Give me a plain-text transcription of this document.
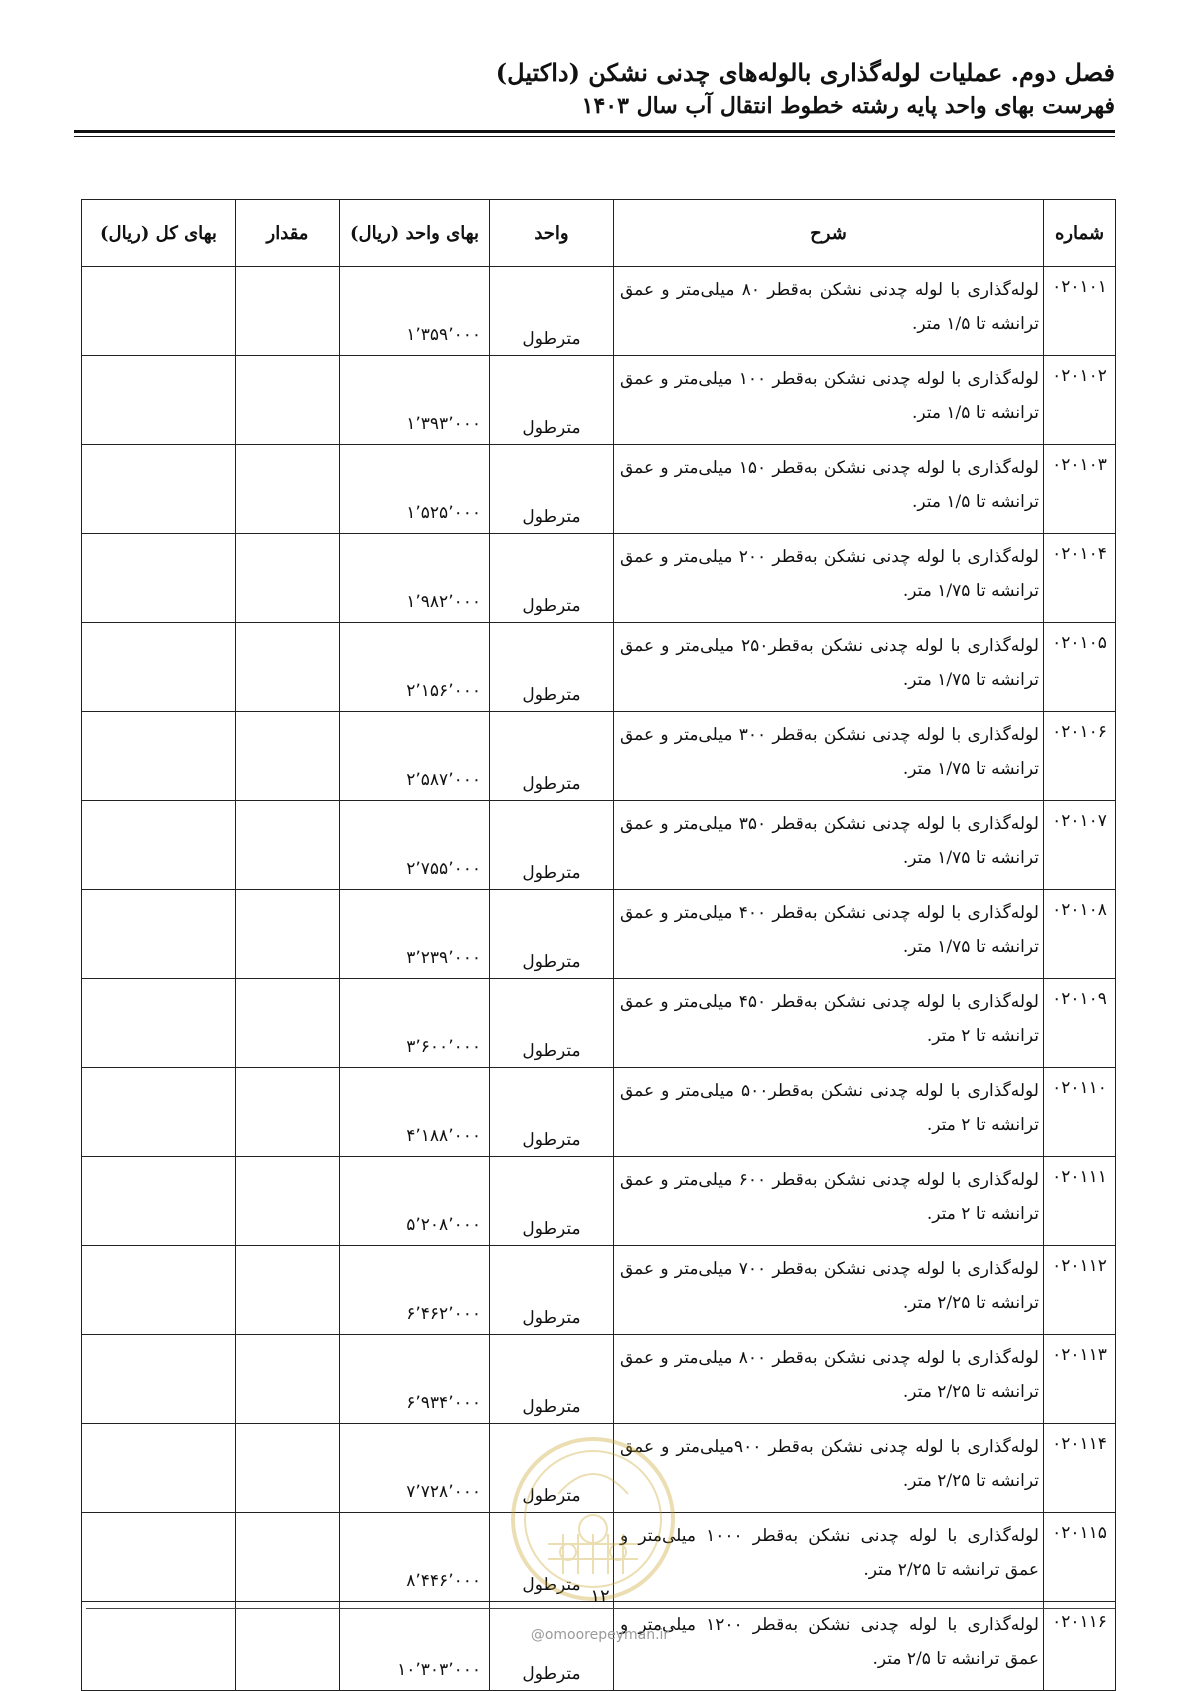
فصل دوم. عملیات لوله‌گذاری بالوله‌های چدنی نشکن (داکتیل)
فهرست بهای واحد پایه رشته خطوط انتقال آب سال ۱۴۰۳
شماره	شرح	واحد	بهای واحد (ریال)	مقدار	بهای کل (ریال)
۰۲۰۱۰۱	لوله‌گذاری با لوله چدنی نشکن به‌قطر ۸۰ میلی‌متر و عمق ترانشه تا ۱/۵ متر.	مترطول	۱٬۳۵۹٬۰۰۰		
۰۲۰۱۰۲	لوله‌گذاری با لوله چدنی نشکن به‌قطر ۱۰۰ میلی‌متر و عمق ترانشه تا ۱/۵ متر.	مترطول	۱٬۳۹۳٬۰۰۰		
۰۲۰۱۰۳	لوله‌گذاری با لوله چدنی نشکن به‌قطر ۱۵۰ میلی‌متر و عمق ترانشه تا ۱/۵ متر.	مترطول	۱٬۵۲۵٬۰۰۰		
۰۲۰۱۰۴	لوله‌گذاری با لوله چدنی نشکن به‌قطر ۲۰۰ میلی‌متر و عمق ترانشه تا ۱/۷۵ متر.	مترطول	۱٬۹۸۲٬۰۰۰		
۰۲۰۱۰۵	لوله‌گذاری با لوله چدنی نشکن به‌قطر۲۵۰ میلی‌متر و عمق ترانشه تا ۱/۷۵ متر.	مترطول	۲٬۱۵۶٬۰۰۰		
۰۲۰۱۰۶	لوله‌گذاری با لوله چدنی نشکن به‌قطر ۳۰۰ میلی‌متر و عمق ترانشه تا ۱/۷۵ متر.	مترطول	۲٬۵۸۷٬۰۰۰		
۰۲۰۱۰۷	لوله‌گذاری با لوله چدنی نشکن به‌قطر ۳۵۰ میلی‌متر و عمق ترانشه تا ۱/۷۵ متر.	مترطول	۲٬۷۵۵٬۰۰۰		
۰۲۰۱۰۸	لوله‌گذاری با لوله چدنی نشکن به‌قطر ۴۰۰ میلی‌متر و عمق ترانشه تا ۱/۷۵ متر.	مترطول	۳٬۲۳۹٬۰۰۰		
۰۲۰۱۰۹	لوله‌گذاری با لوله چدنی نشکن به‌قطر ۴۵۰ میلی‌متر و عمق ترانشه تا ۲ متر.	مترطول	۳٬۶۰۰٬۰۰۰		
۰۲۰۱۱۰	لوله‌گذاری با لوله چدنی نشکن به‌قطر۵۰۰ میلی‌متر و عمق ترانشه تا ۲ متر.	مترطول	۴٬۱۸۸٬۰۰۰		
۰۲۰۱۱۱	لوله‌گذاری با لوله چدنی نشکن به‌قطر ۶۰۰ میلی‌متر و عمق ترانشه تا ۲ متر.	مترطول	۵٬۲۰۸٬۰۰۰		
۰۲۰۱۱۲	لوله‌گذاری با لوله چدنی نشکن به‌قطر ۷۰۰ میلی‌متر و عمق ترانشه تا ۲/۲۵ متر.	مترطول	۶٬۴۶۲٬۰۰۰		
۰۲۰۱۱۳	لوله‌گذاری با لوله چدنی نشکن به‌قطر ۸۰۰ میلی‌متر و عمق ترانشه تا ۲/۲۵ متر.	مترطول	۶٬۹۳۴٬۰۰۰		
۰۲۰۱۱۴	لوله‌گذاری با لوله چدنی نشکن به‌قطر ۹۰۰میلی‌متر و عمق ترانشه تا ۲/۲۵ متر.	مترطول	۷٬۷۲۸٬۰۰۰		
۰۲۰۱۱۵	لوله‌گذاری با لوله چدنی نشکن به‌قطر ۱۰۰۰ میلی‌متر و عمق ترانشه تا ۲/۲۵ متر.	مترطول	۸٬۴۴۶٬۰۰۰		
۰۲۰۱۱۶	لوله‌گذاری با لوله چدنی نشکن به‌قطر ۱۲۰۰ میلی‌متر و عمق ترانشه تا ۲/۵ متر.	مترطول	۱۰٬۳۰۳٬۰۰۰		
۱۲
@omoorepeyman.ir
